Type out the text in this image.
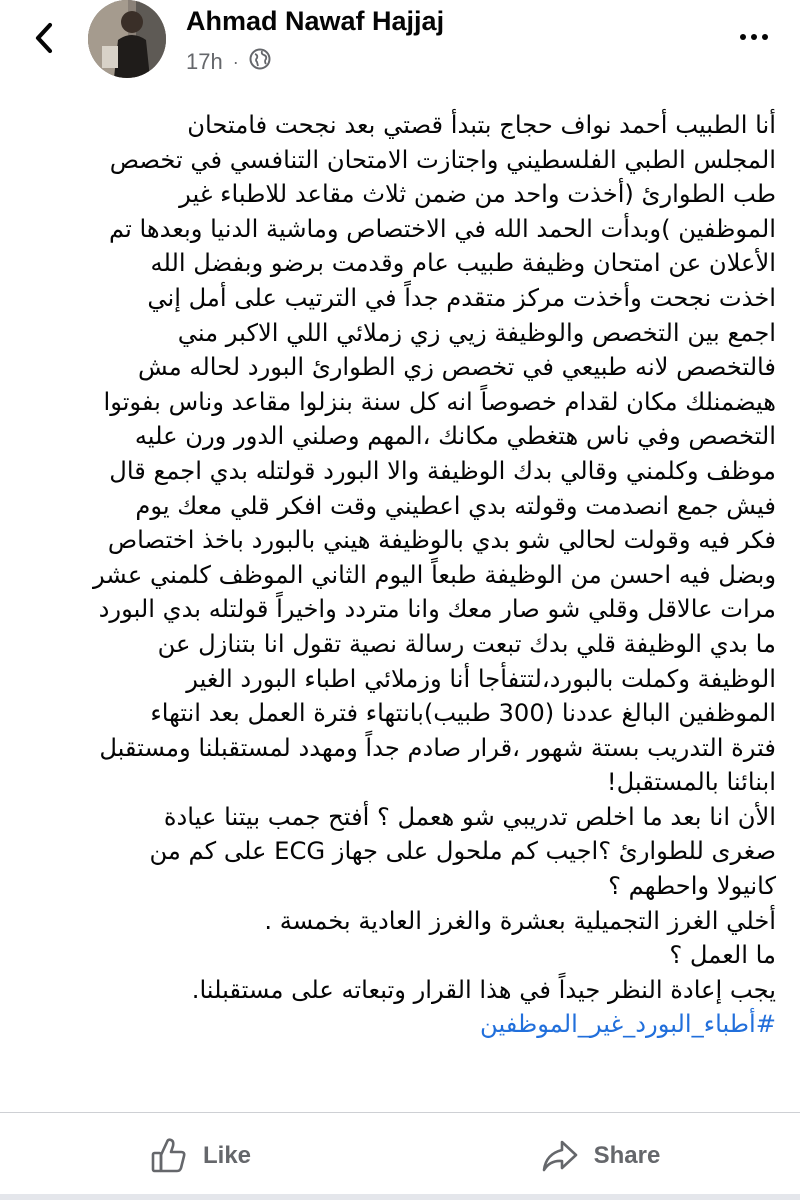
Ahmad Nawaf Hajjaj
17h ·

أنا الطبيب أحمد نواف حجاج بتبدأ قصتي بعد نجحت فامتحان

المجلس الطبي الفلسطيني واجتازت الامتحان التنافسي في تخصص

طب الطوارئ (أخذت واحد من ضمن ثلاث مقاعد للاطباء غير

الموظفين )وبدأت الحمد الله في الاختصاص وماشية الدنيا وبعدها تم

الأعلان عن امتحان وظيفة طبيب عام وقدمت برضو وبفضل الله

اخذت نجحت وأخذت مركز متقدم جداً في الترتيب على أمل إني

اجمع بين التخصص والوظيفة زيي زي زملائي اللي الاكبر مني

فالتخصص لانه طبيعي في تخصص زي الطوارئ البورد لحاله مش

هيضمنلك مكان لقدام خصوصاً انه كل سنة بنزلوا مقاعد وناس بفوتوا

التخصص وفي ناس هتغطي مكانك ،المهم وصلني الدور ورن عليه

موظف وكلمني وقالي بدك الوظيفة والا البورد قولتله بدي اجمع قال

فيش جمع انصدمت وقولته بدي اعطيني وقت افكر قلي معك يوم

فكر فيه وقولت لحالي شو بدي بالوظيفة هيني بالبورد باخذ اختصاص

وبضل فيه احسن من الوظيفة طبعاً اليوم الثاني الموظف كلمني عشر

مرات عالاقل وقلي شو صار معك وانا متردد واخيراً قولتله بدي البورد

ما بدي الوظيفة قلي بدك تبعت رسالة نصية تقول انا بتنازل عن

الوظيفة وكملت بالبورد،لتتفأجا أنا وزملائي اطباء البورد الغير

الموظفين البالغ عددنا (300 طبيب)بانتهاء فترة العمل بعد انتهاء

فترة التدريب بستة شهور ،قرار صادم جداً ومهدد لمستقبلنا ومستقبل

ابنائنا بالمستقبل!

الأن انا بعد ما اخلص تدريبي شو هعمل ؟ أفتح جمب بيتنا عيادة

صغرى للطوارئ ؟اجيب كم ملحول على جهاز ECG على كم من

كانيولا واحطهم ؟

أخلي الغرز التجميلية بعشرة والغرز العادية بخمسة .

ما العمل ؟

يجب إعادة النظر جيداً في هذا القرار وتبعاته على مستقبلنا.

#أطباء_البورد_غير_الموظفين

Like	Share
